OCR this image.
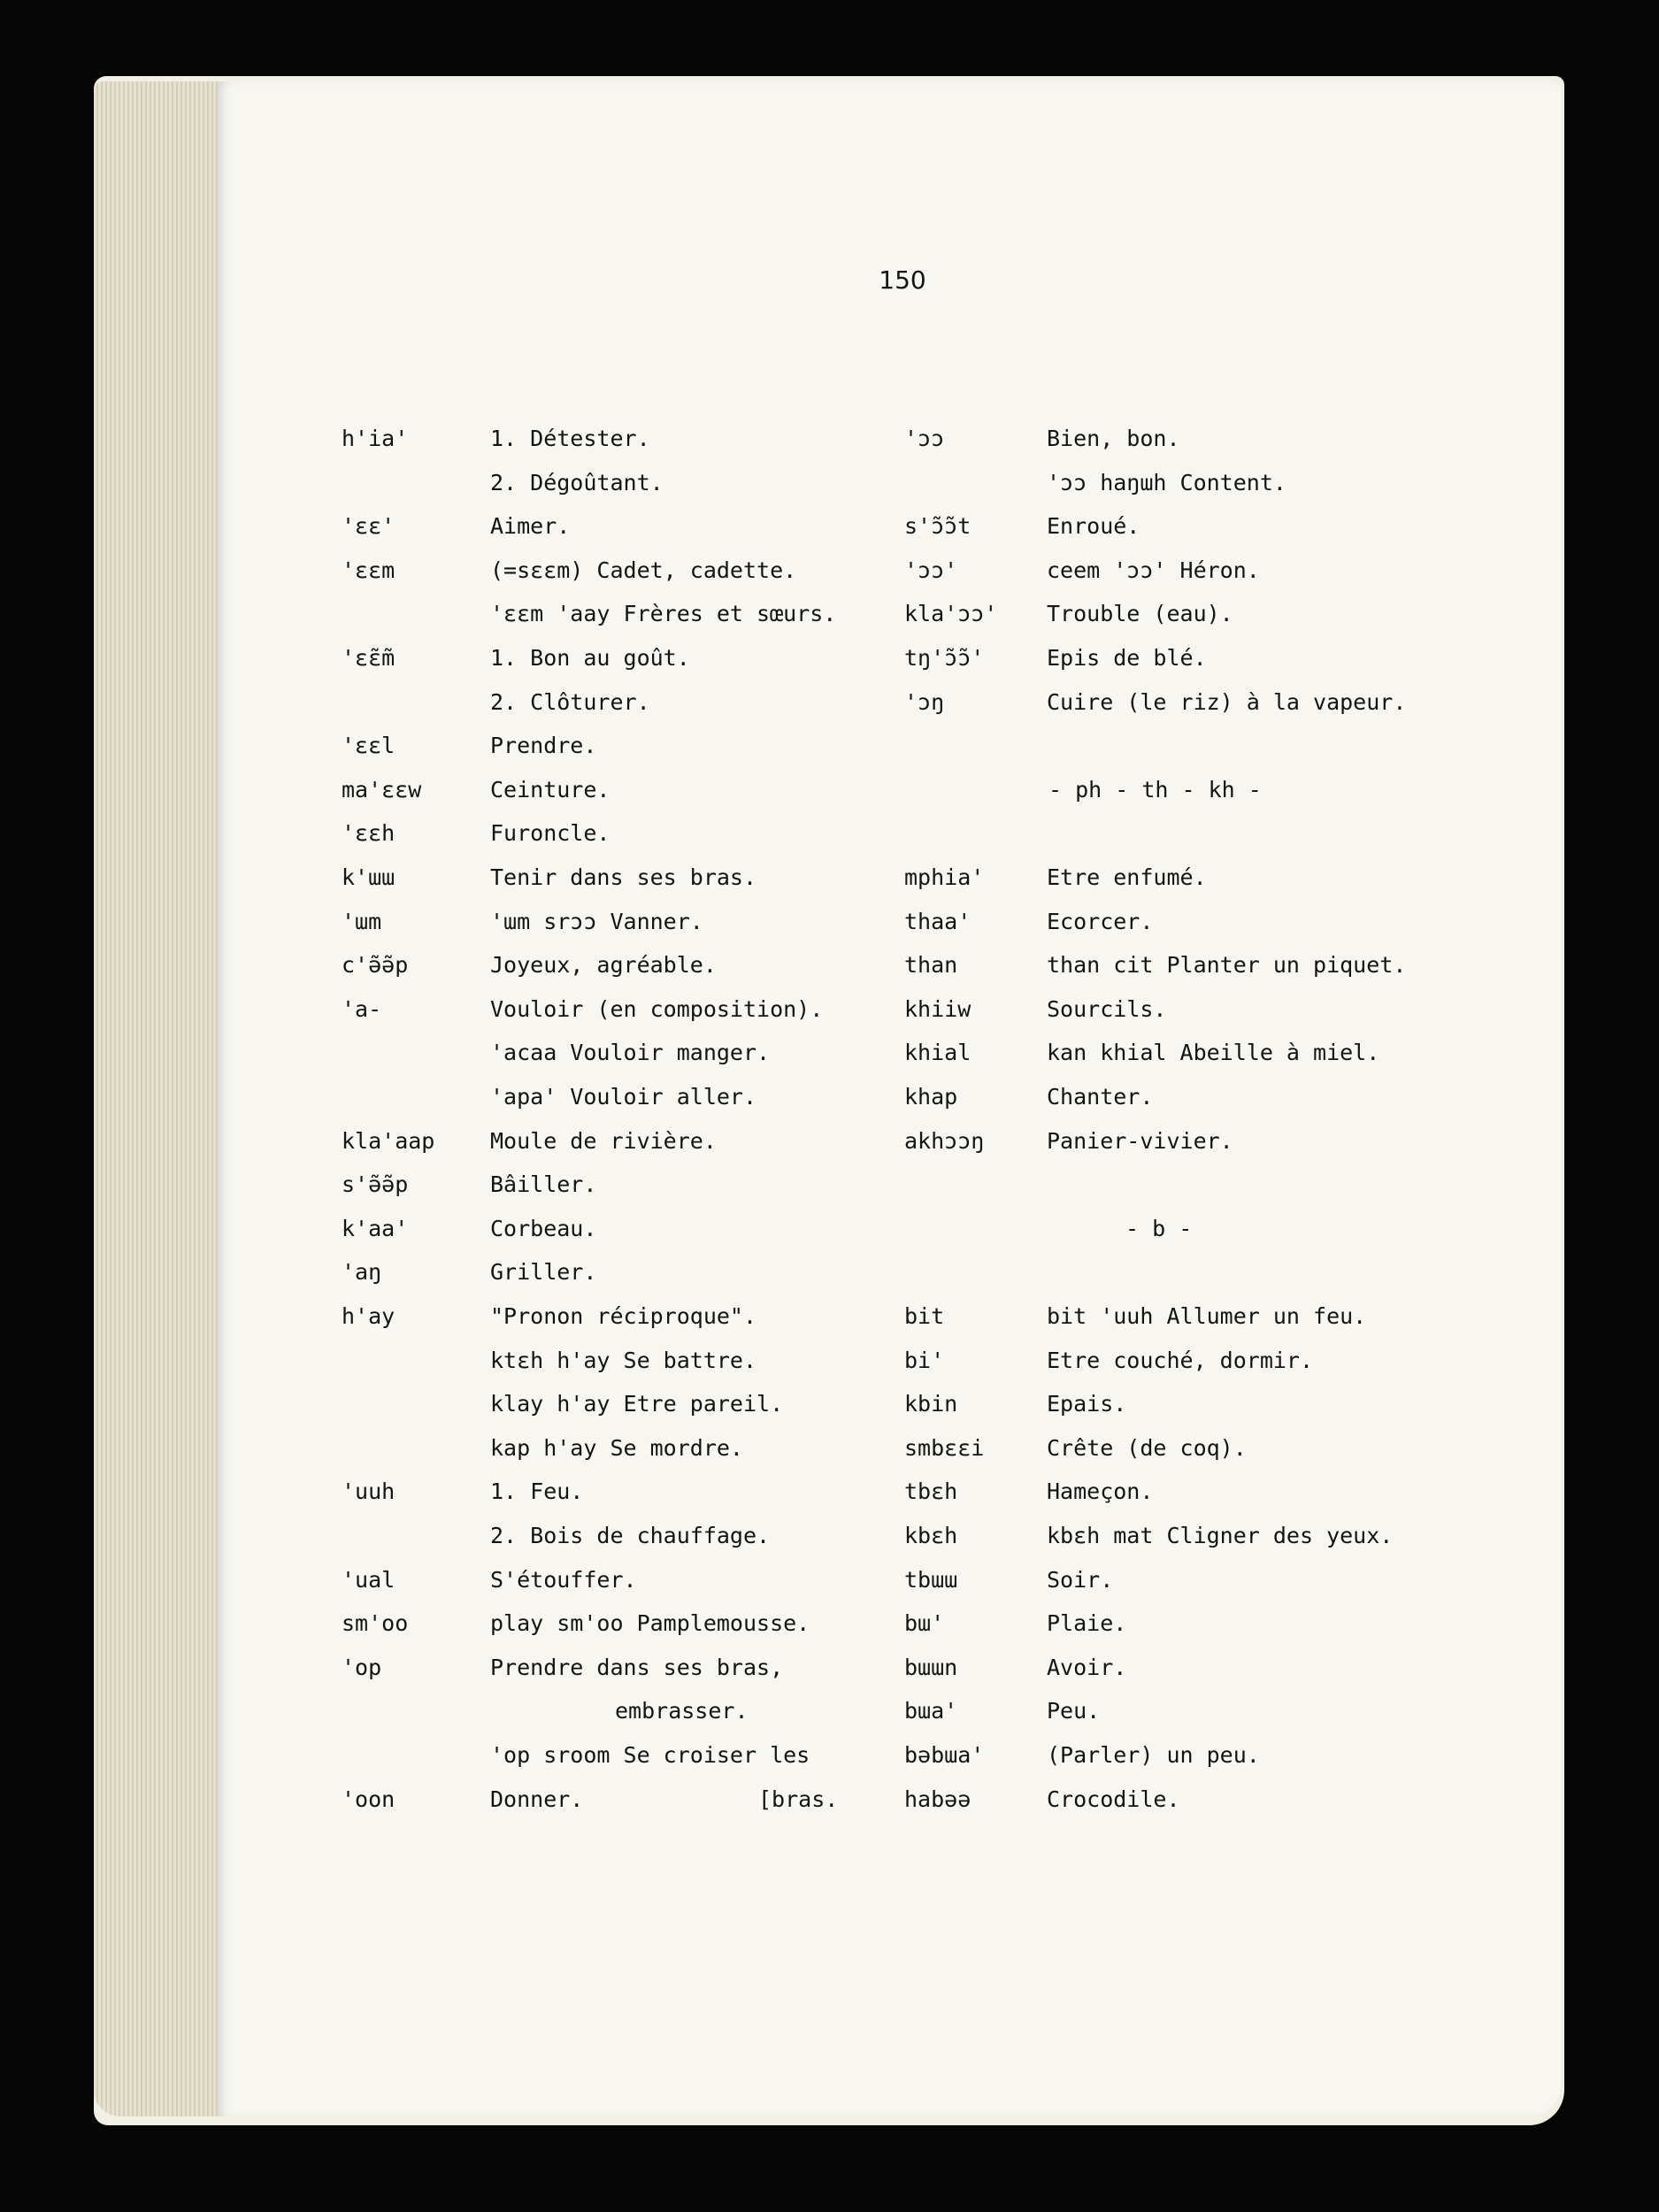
150
h'ia'	1. Détester.
2. Dégoûtant.
'εε'	Aimer.
'εεm	(=sεεm) Cadet, cadette.
'εεm 'aay Frères et sœurs.
'ε̃ε̃m	1. Bon au goût.
2. Clôturer.
'εεl	Prendre.
ma'εεw	Ceinture.
'εεh	Furoncle.
k'ɯɯ	Tenir dans ses bras.
'ɯm	'ɯm srɔɔ Vanner.
c'ə̃ə̃p	Joyeux, agréable.
'a-	Vouloir (en composition).
'acaa Vouloir manger.
'apa' Vouloir aller.
kla'aap	Moule de rivière.
s'ə̃ə̃p	Bâiller.
k'aa'	Corbeau.
'aŋ	Griller.
h'ay	"Pronon réciproque".
ktεh h'ay Se battre.
klay h'ay Etre pareil.
kap h'ay Se mordre.
'uuh	1. Feu.
2. Bois de chauffage.
'ual	S'étouffer.
sm'oo	play sm'oo Pamplemousse.
'op	Prendre dans ses bras,
embrasser.
'op sroom Se croiser les
'oon	Donner.	[bras.
'ɔɔ	Bien, bon.
'ɔɔ haŋɯh Content.
s'ɔ̃ɔ̃t	Enroué.
'ɔɔ'	ceem 'ɔɔ' Héron.
kla'ɔɔ' Trouble (eau).
tŋ'ɔ̃ɔ̃'	Epis de blé.
'ɔŋ	Cuire (le riz) à la vapeur.
- ph - th - kh -
mphia'	Etre enfumé.
thaa'	Ecorcer.
than	than cit Planter un piquet.
khiiw	Sourcils.
khial	kan khial Abeille à miel.
khap	Chanter.
akhɔɔŋ	Panier-vivier.
- b -
bit	bit 'uuh Allumer un feu.
bi'	Etre couché, dormir.
kbin	Epais.
smbεεi	Crête (de coq).
tbεh	Hameçon.
kbεh	kbεh mat Cligner des yeux.
tbɯɯ	Soir.
bɯ'	Plaie.
bɯɯn	Avoir.
bɯa'	Peu.
bəbɯa'	(Parler) un peu.
habəə	Crocodile.
